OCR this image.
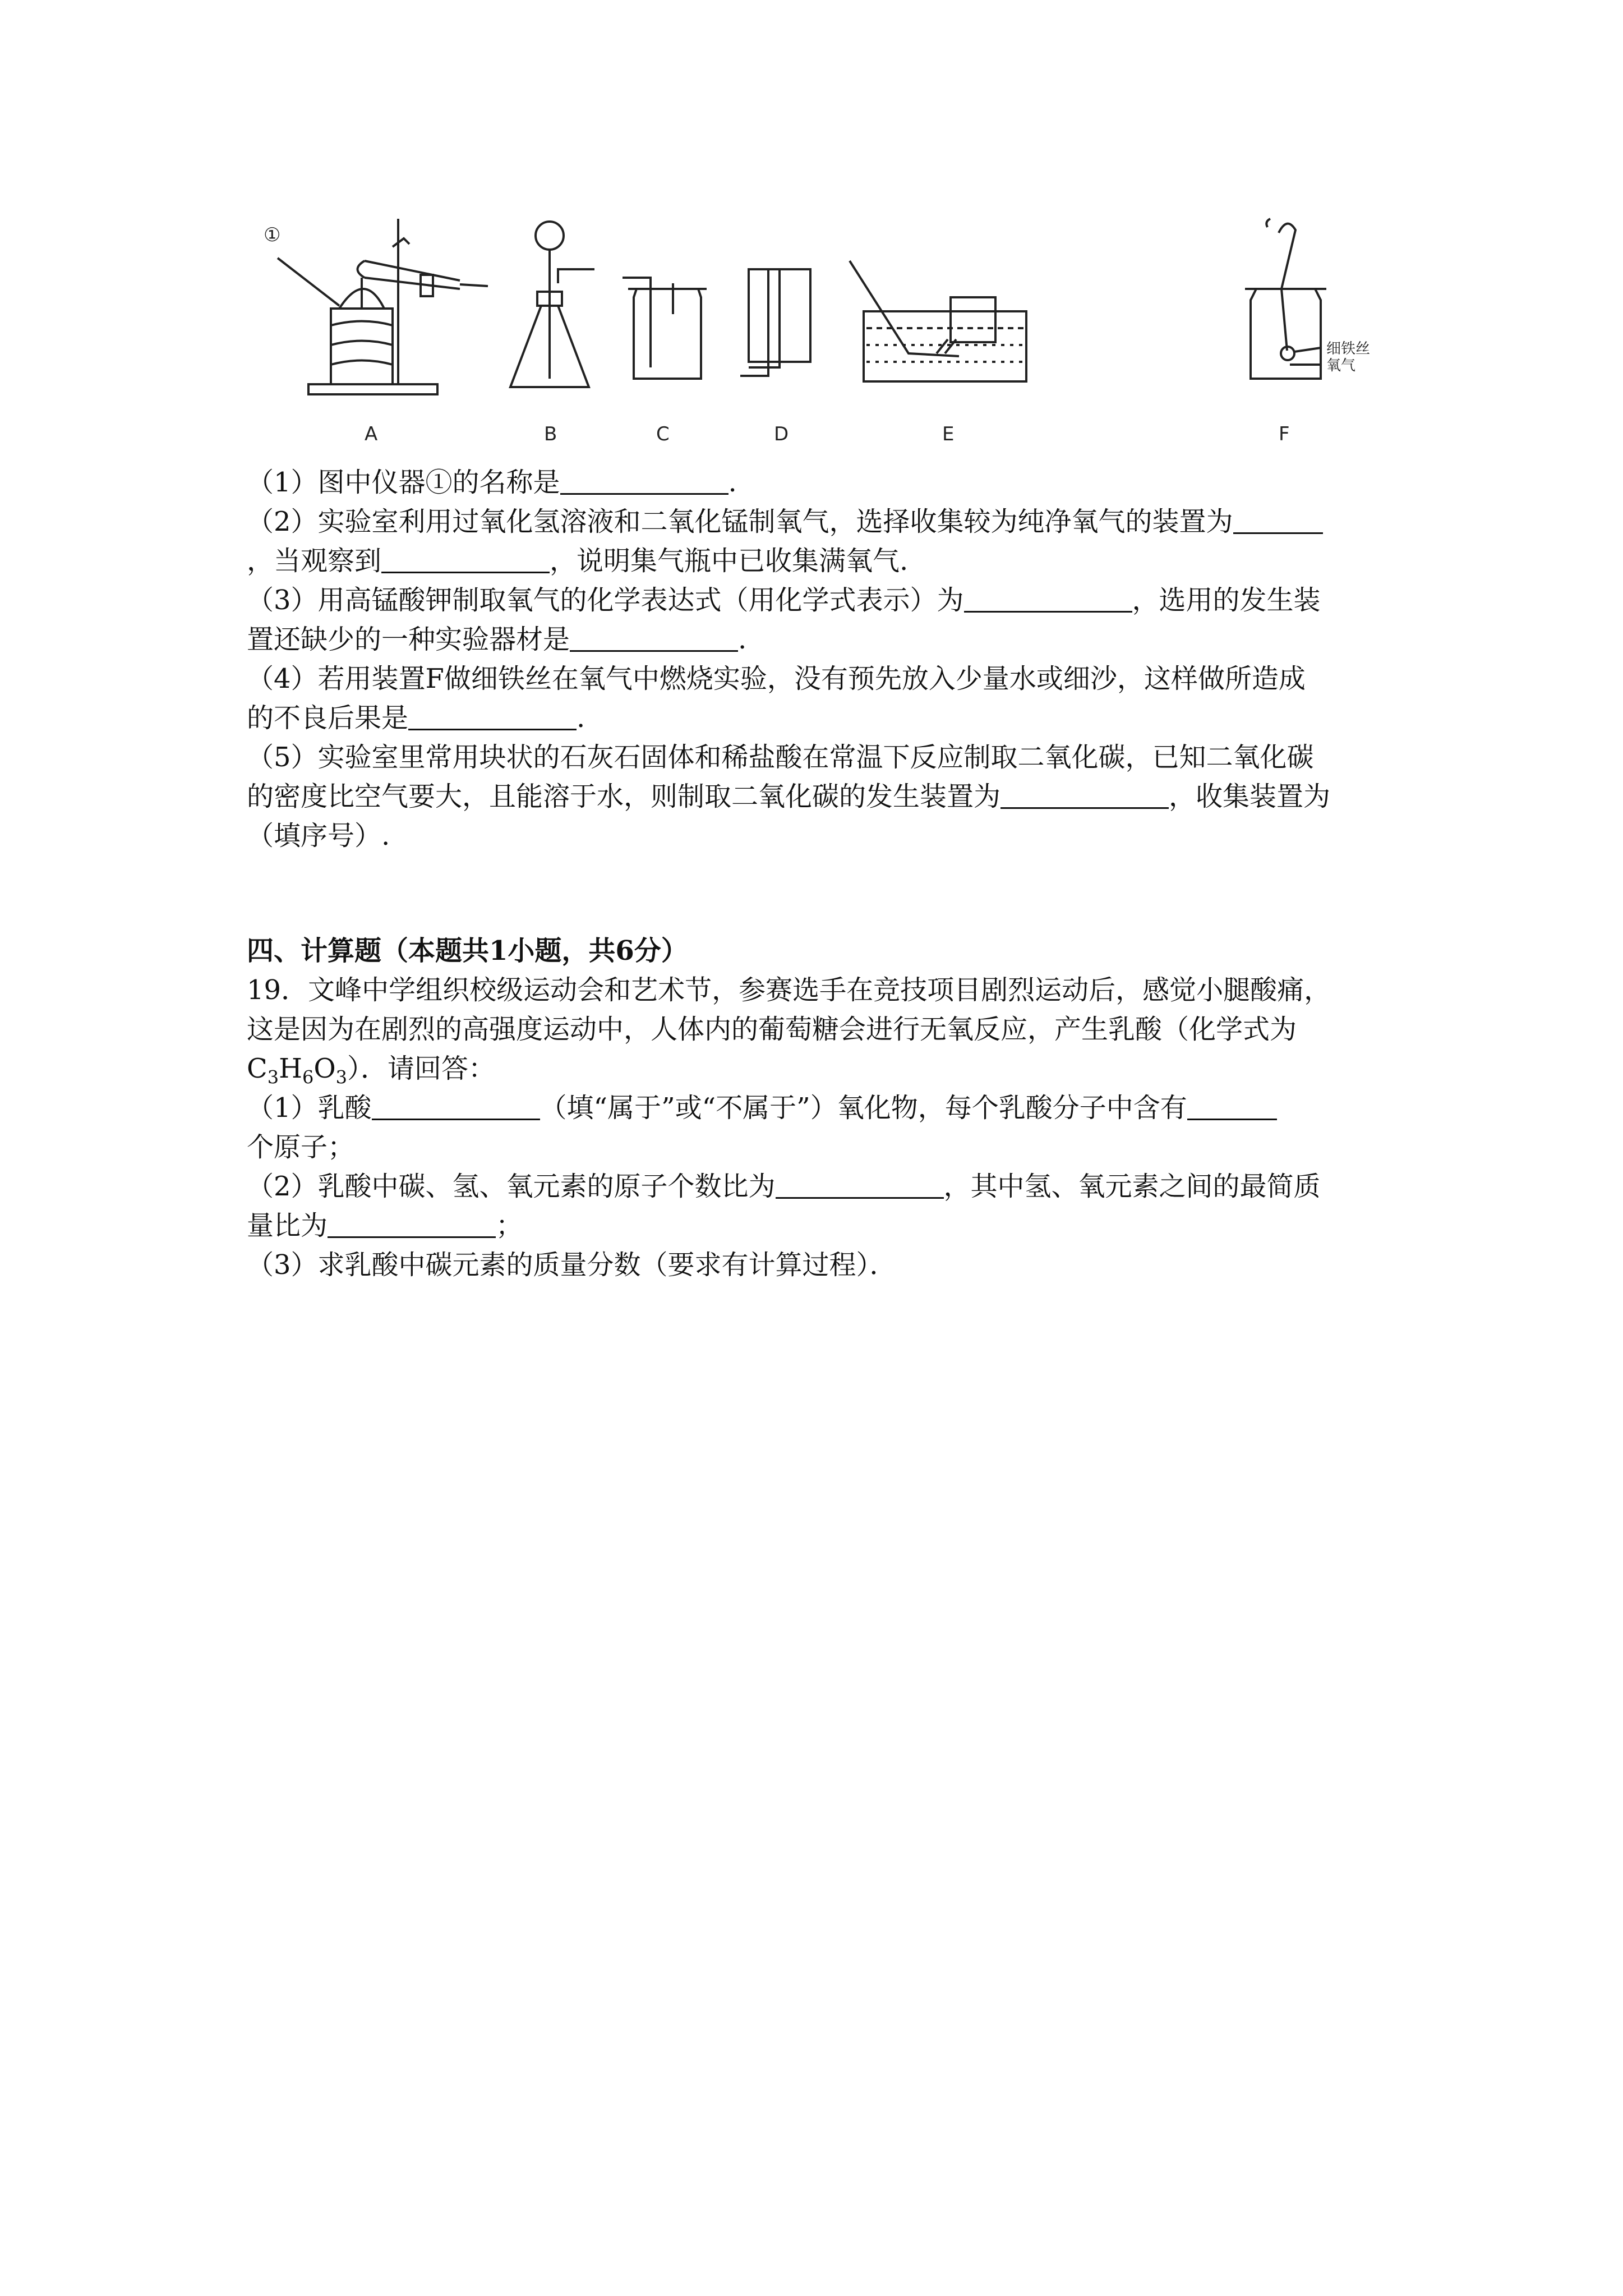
①
A	B	C	D	E	F
细铁丝
氧气
（1）图中仪器①的名称是	.
（2）实验室利用过氧化氢溶液和二氧化锰制氧气，选择收集较为纯净氧气的装置为
，当观察到	，说明集气瓶中已收集满氧气.
（3）用高锰酸钾制取氧气的化学表达式（用化学式表示）为	，选用的发生装
置还缺少的一种实验器材是	.
（4）若用装置F做细铁丝在氧气中燃烧实验，没有预先放入少量水或细沙，这样做所造成
的不良后果是	.
（5）实验室里常用块状的石灰石固体和稀盐酸在常温下反应制取二氧化碳，已知二氧化碳
的密度比空气要大，且能溶于水，则制取二氧化碳的发生装置为	，收集装置为
（填序号）.
四、计算题（本题共1小题，共6分）
19．文峰中学组织校级运动会和艺术节，参赛选手在竞技项目剧烈运动后，感觉小腿酸痛，
这是因为在剧烈的高强度运动中，人体内的葡萄糖会进行无氧反应，产生乳酸（化学式为
$C_3H_6O_3$）．请回答：
（1）乳酸	（填“属于”或“不属于”）氧化物，每个乳酸分子中含有
个原子；
（2）乳酸中碳、氢、氧元素的原子个数比为	，其中氢、氧元素之间的最简质
量比为	；
（3）求乳酸中碳元素的质量分数（要求有计算过程）．
